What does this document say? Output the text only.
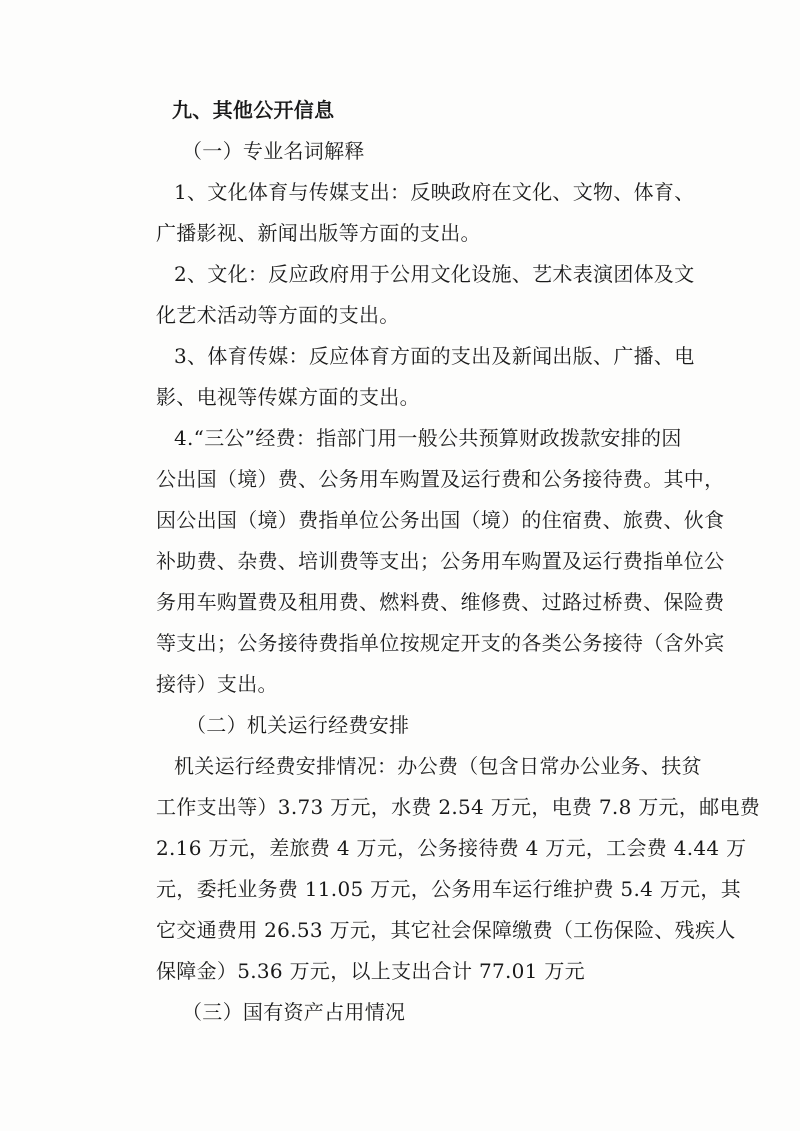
九、其他公开信息

（一）专业名词解释

1、文化体育与传媒支出：反映政府在文化、文物、体育、

广播影视、新闻出版等方面的支出。

2、文化：反应政府用于公用文化设施、艺术表演团体及文

化艺术活动等方面的支出。

3、体育传媒：反应体育方面的支出及新闻出版、广播、电

影、电视等传媒方面的支出。

4.“三公”经费：指部门用一般公共预算财政拨款安排的因

公出国（境）费、公务用车购置及运行费和公务接待费。其中，

因公出国（境）费指单位公务出国（境）的住宿费、旅费、伙食

补助费、杂费、培训费等支出；公务用车购置及运行费指单位公

务用车购置费及租用费、燃料费、维修费、过路过桥费、保险费

等支出；公务接待费指单位按规定开支的各类公务接待（含外宾

接待）支出。

（二）机关运行经费安排

机关运行经费安排情况：办公费（包含日常办公业务、扶贫

工作支出等）3.73 万元，水费 2.54 万元，电费 7.8 万元，邮电费

2.16 万元，差旅费 4 万元，公务接待费 4 万元，工会费 4.44 万

元，委托业务费 11.05 万元，公务用车运行维护费 5.4 万元，其

它交通费用 26.53 万元，其它社会保障缴费（工伤保险、残疾人

保障金）5.36 万元，以上支出合计 77.01 万元

（三）国有资产占用情况
